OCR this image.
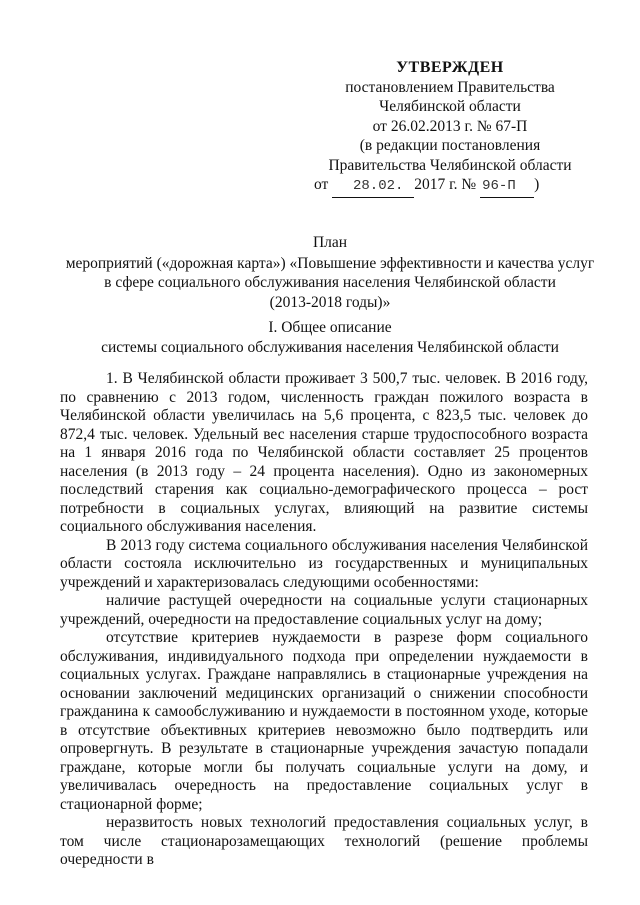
УТВЕРЖДЕН
постановлением Правительства
Челябинской области
от 26.02.2013 г. № 67-П
(в редакции постановления
Правительства Челябинской области
от 28.02. 2017 г. № 96-П )
План
мероприятий («дорожная карта») «Повышение эффективности и качества услуг
в сфере социального обслуживания населения Челябинской области
(2013-2018 годы)»
I. Общее описание
системы социального обслуживания населения Челябинской области

1. В Челябинской области проживает 3 500,7 тыс. человек. В 2016 году, по сравнению с 2013 годом, численность граждан пожилого возраста в Челябинской области увеличилась на 5,6 процента, с 823,5 тыс. человек до 872,4 тыс. человек. Удельный вес населения старше трудоспособного возраста на 1 января 2016 года по Челябинской области составляет 25 процентов населения (в 2013 году – 24 процента населения). Одно из закономерных последствий старения как социально-демографического процесса – рост потребности в социальных услугах, влияющий на развитие системы социального обслуживания населения.

В 2013 году система социального обслуживания населения Челябинской области состояла исключительно из государственных и муниципальных учреждений и характеризовалась следующими особенностями:

наличие растущей очередности на социальные услуги стационарных учреждений, очередности на предоставление социальных услуг на дому;

отсутствие критериев нуждаемости в разрезе форм социального обслуживания, индивидуального подхода при определении нуждаемости в социальных услугах. Граждане направлялись в стационарные учреждения на основании заключений медицинских организаций о снижении способности гражданина к самообслуживанию и нуждаемости в постоянном уходе, которые в отсутствие объективных критериев невозможно было подтвердить или опровергнуть. В результате в стационарные учреждения зачастую попадали граждане, которые могли бы получать социальные услуги на дому, и увеличивалась очередность на предоставление социальных услуг в стационарной форме;

неразвитость новых технологий предоставления социальных услуг, в том числе стационарозамещающих технологий (решение проблемы очередности в
